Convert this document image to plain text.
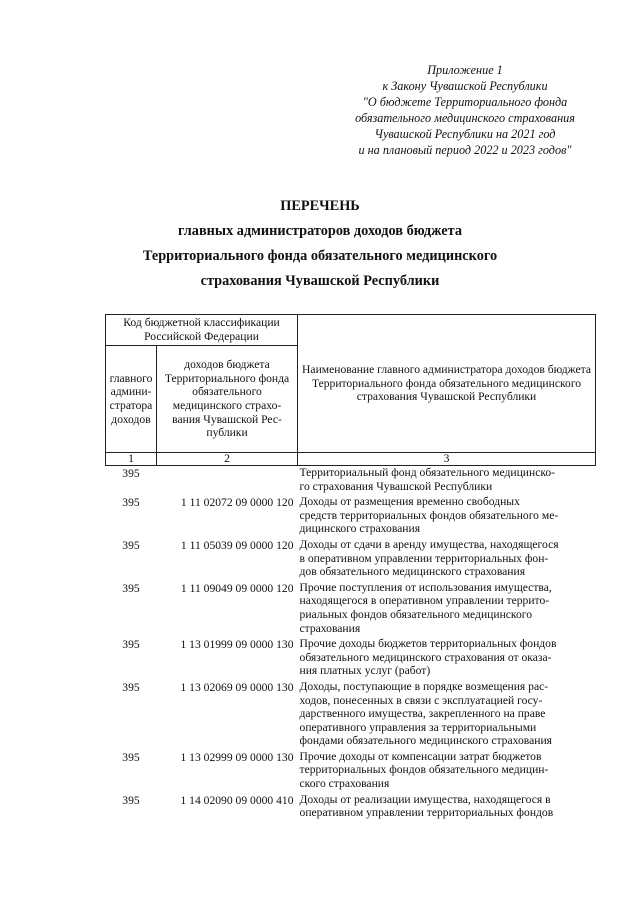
Приложение 1
к Закону Чувашской Республики
"О бюджете Территориального фонда
обязательного медицинского страхования
Чувашской Республики на 2021 год
и на плановый период 2022 и 2023 годов"
ПЕРЕЧЕНЬ
главных администраторов доходов бюджета
Территориального фонда обязательного медицинского
страхования Чувашской Республики
Код бюджетной классификации Российской Федерации		Наименование главного администратора доходов бюджета Территориального фонда обязательного медицинского страхования Чувашской Республики
главного админи-стратора доходов	доходов бюджета Территориального фонда обязательного медицинского страхо-вания Чувашской Рес-публики	
1	2	3
395		Территориальный фонд обязательного медицинско-
го страхования Чувашской Республики

395	1 11 02072 09 0000 120	Доходы от размещения временно свободных
средств территориальных фондов обязательного ме-
дицинского страхования

395	1 11 05039 09 0000 120	Доходы от сдачи в аренду имущества, находящегося
в оперативном управлении территориальных фон-
дов обязательного медицинского страхования

395	1 11 09049 09 0000 120	Прочие поступления от использования имущества,
находящегося в оперативном управлении террито-
риальных фондов обязательного медицинского
страхования

395	1 13 01999 09 0000 130	Прочие доходы бюджетов территориальных фондов
обязательного медицинского страхования от оказа-
ния платных услуг (работ)

395	1 13 02069 09 0000 130	Доходы, поступающие в порядке возмещения рас-
ходов, понесенных в связи с эксплуатацией госу-
дарственного имущества, закрепленного на праве
оперативного управления за территориальными
фондами обязательного медицинского страхования

395	1 13 02999 09 0000 130	Прочие доходы от компенсации затрат бюджетов
территориальных фондов обязательного медицин-
ского страхования

395	1 14 02090 09 0000 410	Доходы от реализации имущества, находящегося в
оперативном управлении территориальных фондов
